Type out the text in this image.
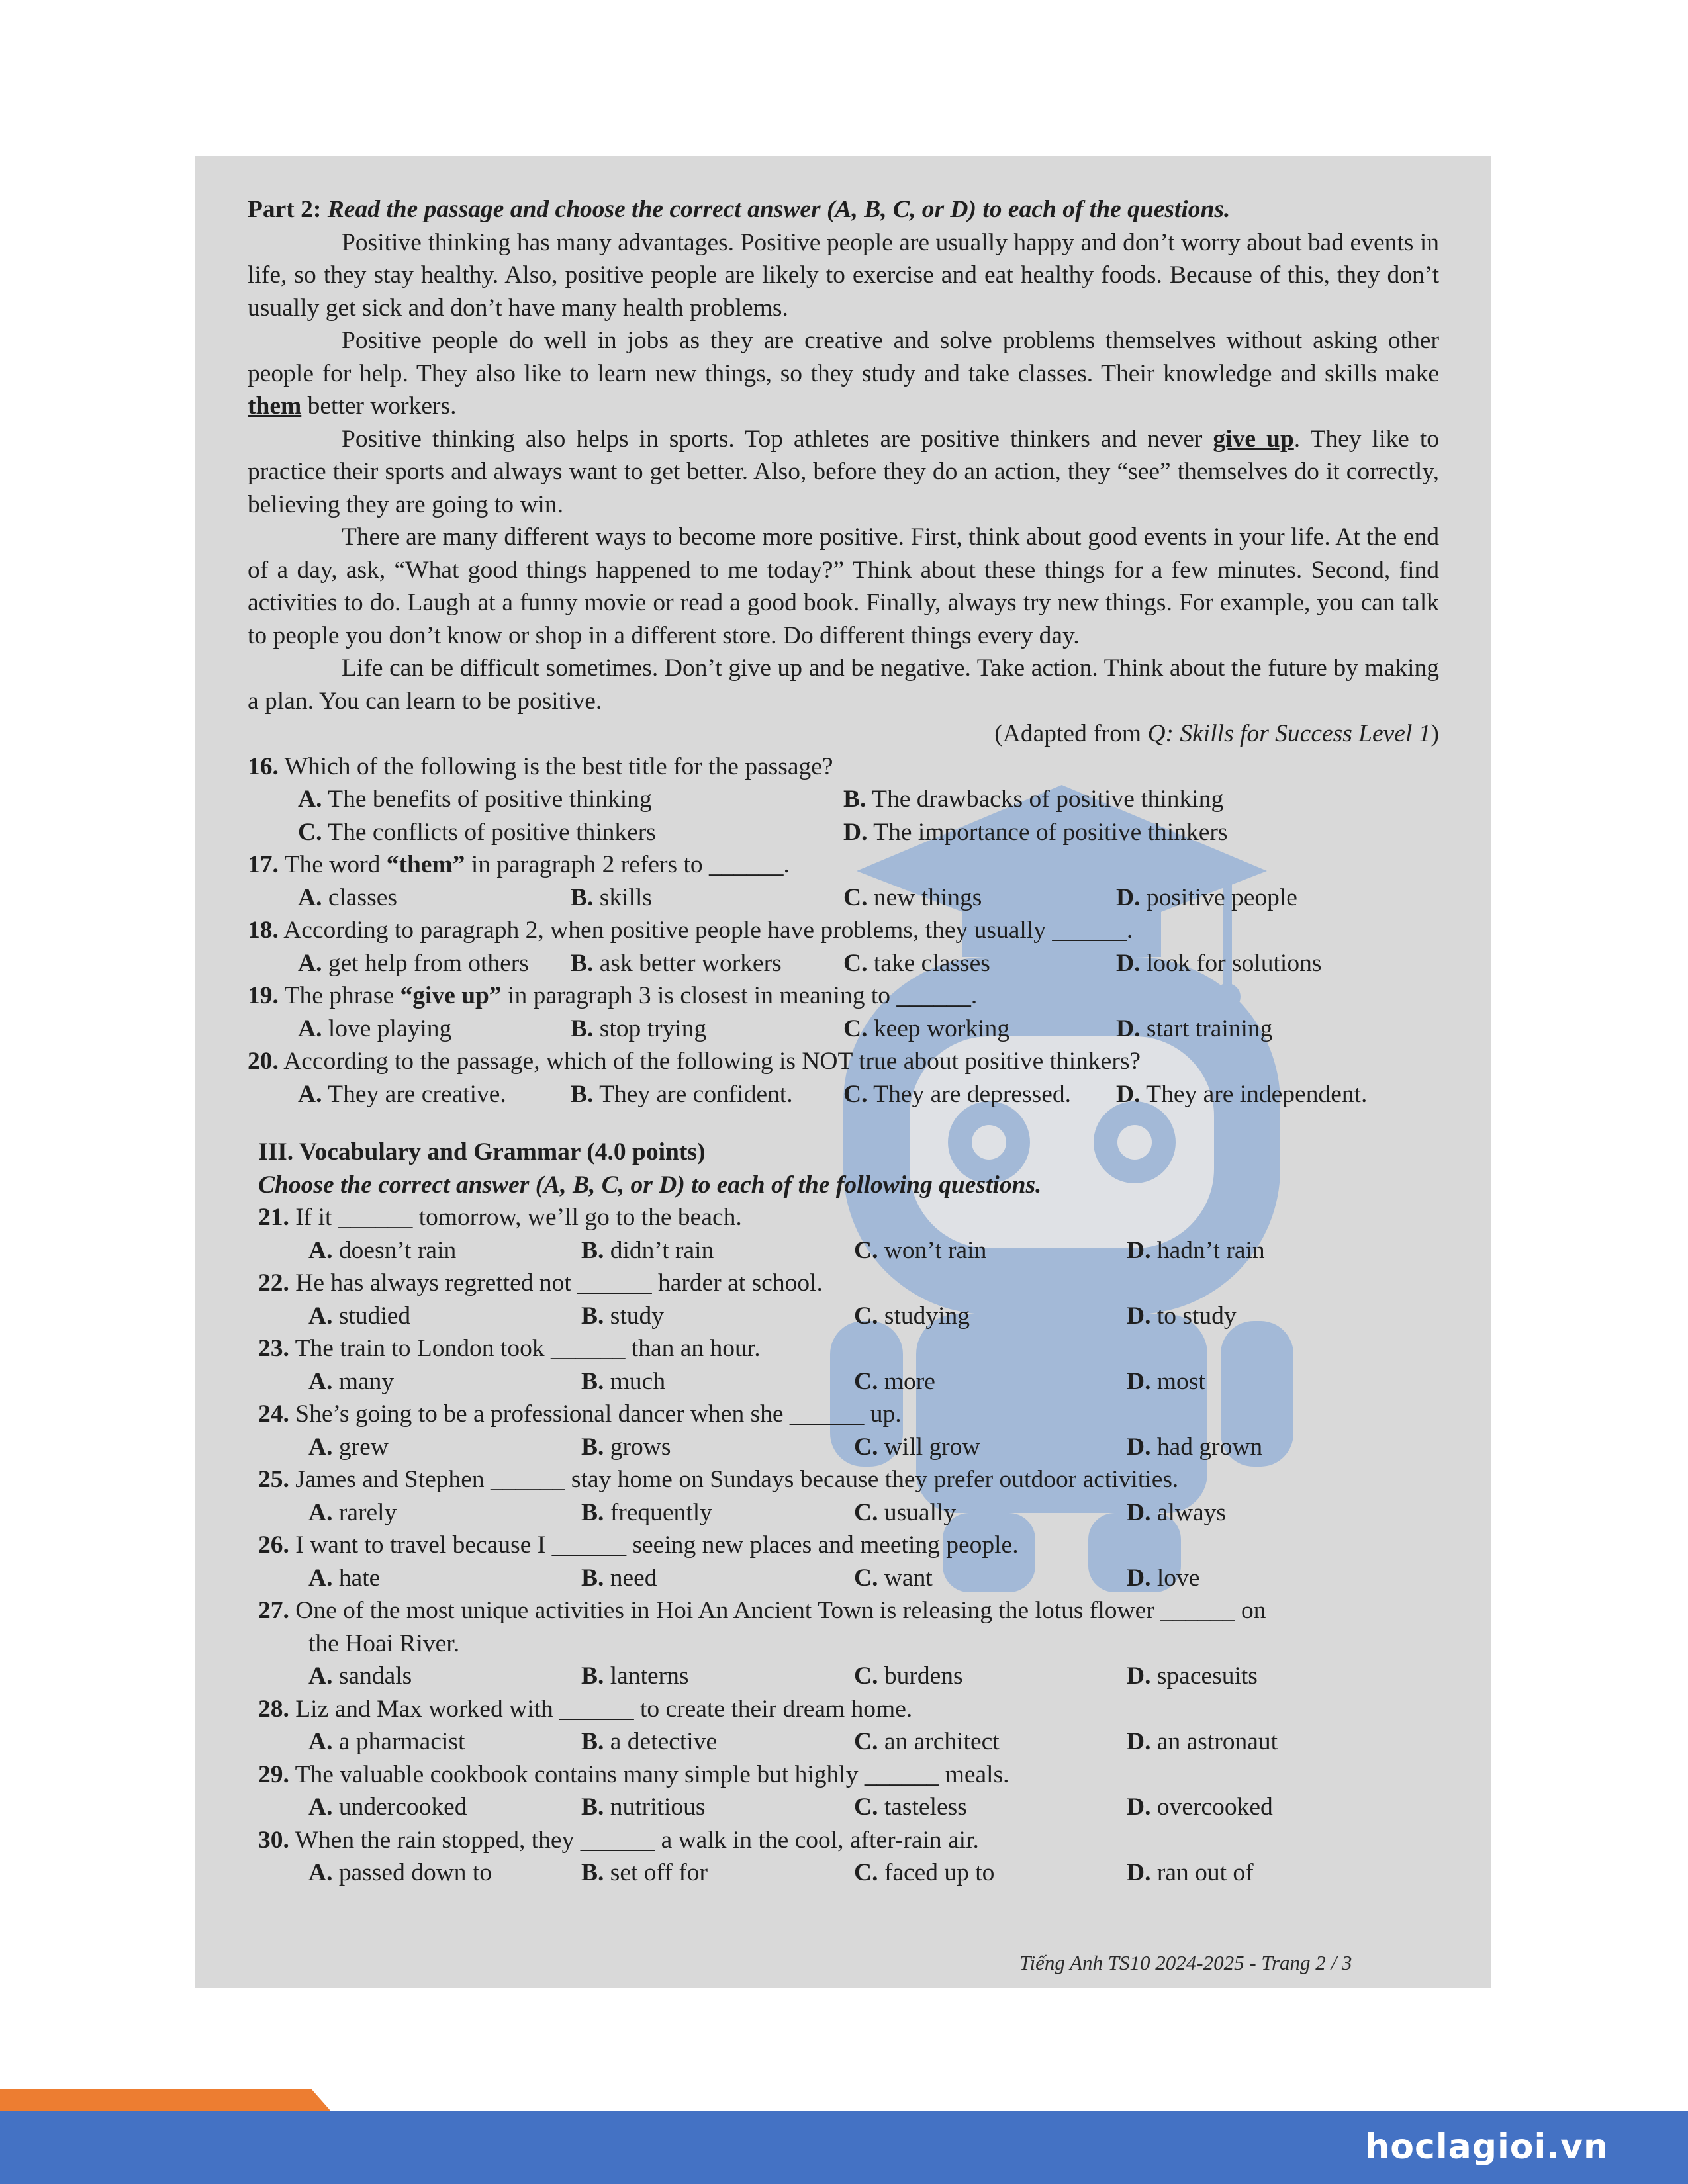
Part 2: Read the passage and choose the correct answer (A, B, C, or D) to each of the questions.
Positive thinking has many advantages. Positive people are usually happy and don’t worry about bad events in life, so they stay healthy. Also, positive people are likely to exercise and eat healthy foods. Because of this, they don’t usually get sick and don’t have many health problems.
Positive people do well in jobs as they are creative and solve problems themselves without asking other people for help. They also like to learn new things, so they study and take classes. Their knowledge and skills make them better workers.
Positive thinking also helps in sports. Top athletes are positive thinkers and never give up. They like to practice their sports and always want to get better. Also, before they do an action, they “see” themselves do it correctly, believing they are going to win.
There are many different ways to become more positive. First, think about good events in your life. At the end of a day, ask, “What good things happened to me today?” Think about these things for a few minutes. Second, find activities to do. Laugh at a funny movie or read a good book. Finally, always try new things. For example, you can talk to people you don’t know or shop in a different store. Do different things every day.
Life can be difficult sometimes. Don’t give up and be negative. Take action. Think about the future by making a plan. You can learn to be positive.
(Adapted from Q: Skills for Success Level 1)
16. Which of the following is the best title for the passage?
A. The benefits of positive thinking	B. The drawbacks of positive thinking
C. The conflicts of positive thinkers	D. The importance of positive thinkers
17. The word “them” in paragraph 2 refers to ______.
A. classes	B. skills	C. new things	D. positive people
18. According to paragraph 2, when positive people have problems, they usually ______.
A. get help from others	B. ask better workers	C. take classes	D. look for solutions
19. The phrase “give up” in paragraph 3 is closest in meaning to ______.
A. love playing	B. stop trying	C. keep working	D. start training
20. According to the passage, which of the following is NOT true about positive thinkers?
A. They are creative.	B. They are confident.	C. They are depressed.	D. They are independent.
III. Vocabulary and Grammar (4.0 points)
Choose the correct answer (A, B, C, or D) to each of the following questions.
21. If it ______ tomorrow, we’ll go to the beach.
A. doesn’t rain	B. didn’t rain	C. won’t rain	D. hadn’t rain
22. He has always regretted not ______ harder at school.
A. studied	B. study	C. studying	D. to study
23. The train to London took ______ than an hour.
A. many	B. much	C. more	D. most
24. She’s going to be a professional dancer when she ______ up.
A. grew	B. grows	C. will grow	D. had grown
25. James and Stephen ______ stay home on Sundays because they prefer outdoor activities.
A. rarely	B. frequently	C. usually	D. always
26. I want to travel because I ______ seeing new places and meeting people.
A. hate	B. need	C. want	D. love
27. One of the most unique activities in Hoi An Ancient Town is releasing the lotus flower ______ on
the Hoai River.
A. sandals	B. lanterns	C. burdens	D. spacesuits
28. Liz and Max worked with ______ to create their dream home.
A. a pharmacist	B. a detective	C. an architect	D. an astronaut
29. The valuable cookbook contains many simple but highly ______ meals.
A. undercooked	B. nutritious	C. tasteless	D. overcooked
30. When the rain stopped, they ______ a walk in the cool, after-rain air.
A. passed down to	B. set off for	C. faced up to	D. ran out of
Tiếng Anh TS10 2024-2025 - Trang 2 / 3
hoclagioi.vn
